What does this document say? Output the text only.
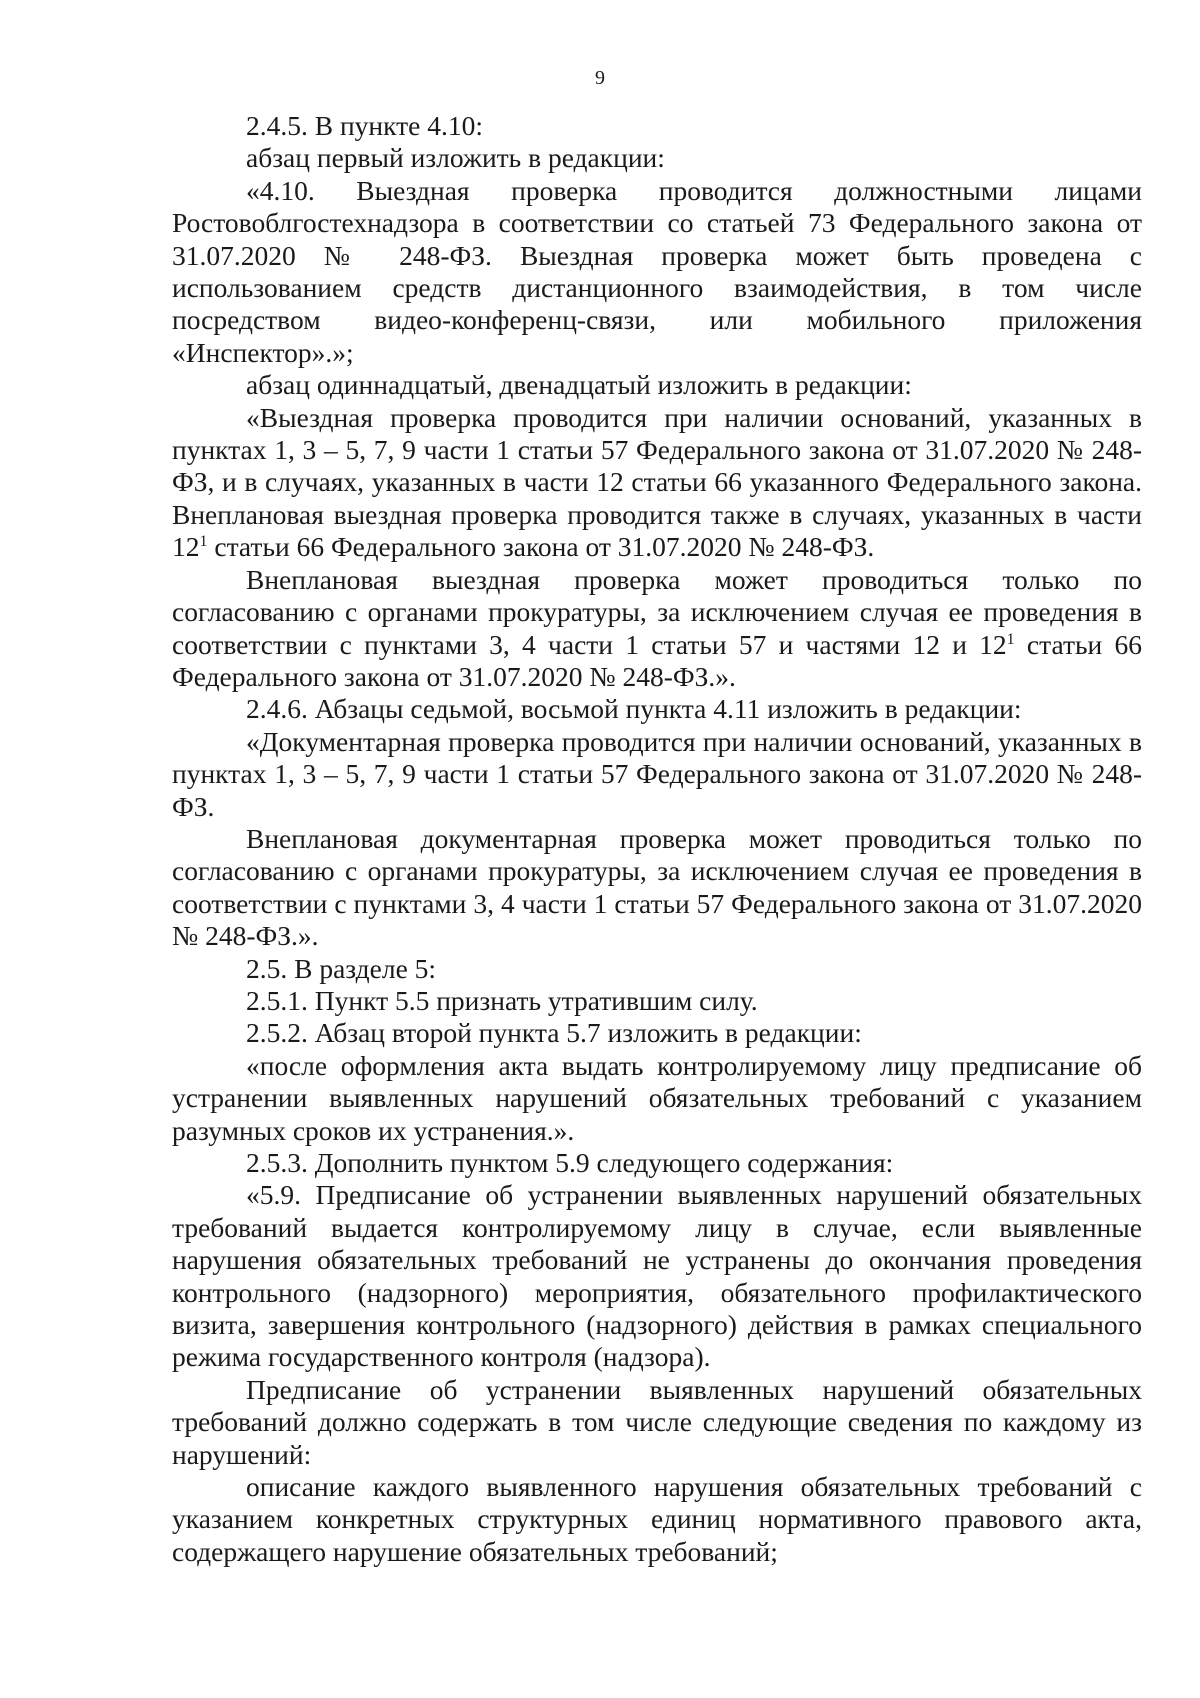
9

2.4.5. В пункте 4.10:

абзац первый изложить в редакции:

«4.10. Выездная проверка проводится должностными лицами Ростовоблгостехнадзора в соответствии со статьей 73 Федерального закона от 31.07.2020 № 248-ФЗ. Выездная проверка может быть проведена с использованием средств дистанционного взаимодействия, в том числе посредством видео-конференц-связи, или мобильного приложения «Инспектор».»;

абзац одиннадцатый, двенадцатый изложить в редакции:

«Выездная проверка проводится при наличии оснований, указанных в пунктах 1, 3 – 5, 7, 9 части 1 статьи 57 Федерального закона от 31.07.2020 № 248-ФЗ, и в случаях, указанных в части 12 статьи 66 указанного Федерального закона. Внеплановая выездная проверка проводится также в случаях, указанных в части $12^1$ статьи 66 Федерального закона от 31.07.2020 № 248-ФЗ.

Внеплановая выездная проверка может проводиться только по согласованию с органами прокуратуры, за исключением случая ее проведения в соответствии с пунктами 3, 4 части 1 статьи 57 и частями 12 и $12^1$ статьи 66 Федерального закона от 31.07.2020 № 248-ФЗ.».

2.4.6. Абзацы седьмой, восьмой пункта 4.11 изложить в редакции:

«Документарная проверка проводится при наличии оснований, указанных в пунктах 1, 3 – 5, 7, 9 части 1 статьи 57 Федерального закона от 31.07.2020 № 248-ФЗ.

Внеплановая документарная проверка может проводиться только по согласованию с органами прокуратуры, за исключением случая ее проведения в соответствии с пунктами 3, 4 части 1 статьи 57 Федерального закона от 31.07.2020 № 248-ФЗ.».

2.5. В разделе 5:

2.5.1. Пункт 5.5 признать утратившим силу.

2.5.2. Абзац второй пункта 5.7 изложить в редакции:

«после оформления акта выдать контролируемому лицу предписание об устранении выявленных нарушений обязательных требований с указанием разумных сроков их устранения.».

2.5.3. Дополнить пунктом 5.9 следующего содержания:

«5.9. Предписание об устранении выявленных нарушений обязательных требований выдается контролируемому лицу в случае, если выявленные нарушения обязательных требований не устранены до окончания проведения контрольного (надзорного) мероприятия, обязательного профилактического визита, завершения контрольного (надзорного) действия в рамках специального режима государственного контроля (надзора).

Предписание об устранении выявленных нарушений обязательных требований должно содержать в том числе следующие сведения по каждому из нарушений:

описание каждого выявленного нарушения обязательных требований с указанием конкретных структурных единиц нормативного правового акта, содержащего нарушение обязательных требований;
